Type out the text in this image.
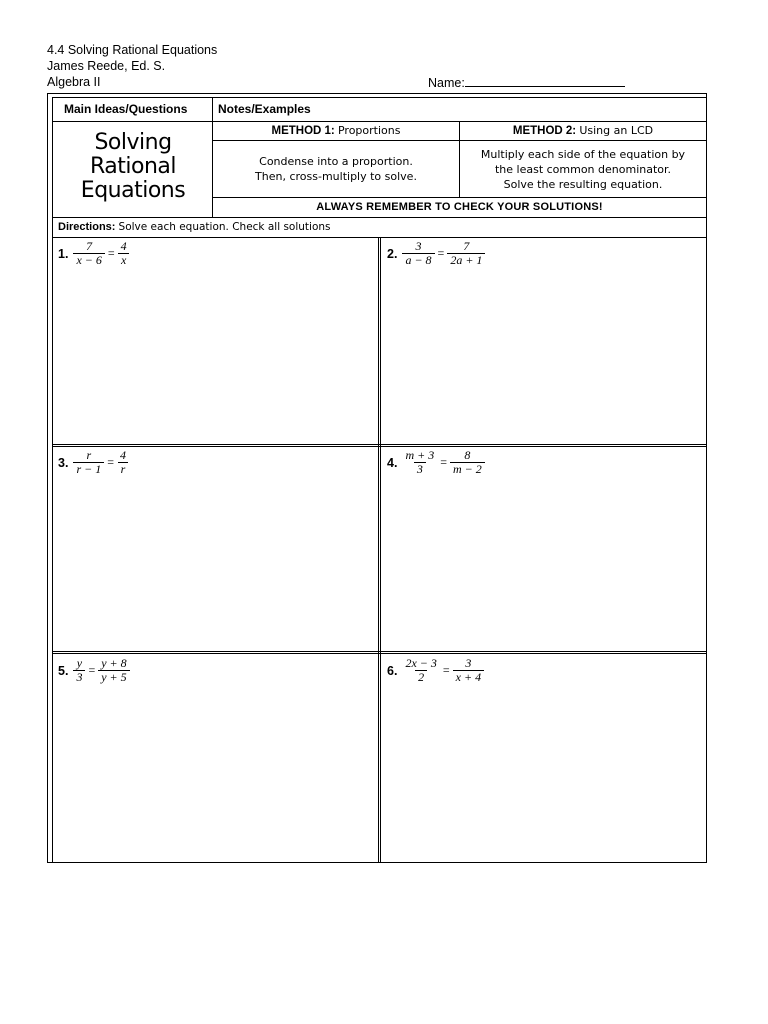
4.4 Solving Rational Equations
James Reede, Ed. S.
Algebra II	Name:
Main Ideas/Questions	Notes/Examples
Solving
Rational
Equations
METHOD 1: Proportions
Condense into a proportion.
Then, cross-multiply to solve.
METHOD 2: Using an LCD
Multiply each side of the equation by
the least common denominator.
Solve the resulting equation.
ALWAYS REMEMBER TO CHECK YOUR SOLUTIONS!
Directions: Solve each equation. Check all solutions
1. $\frac{7}{x - 6} = \frac{4}{x}$	2. $\frac{3}{a - 8} = \frac{7}{2a + 1}$
3. $\frac{r}{r - 1} = \frac{4}{r}$	4. $\frac{m + 3}{3} = \frac{8}{m - 2}$
5. $\frac{y}{3} = \frac{y + 8}{y + 5}$	6. $\frac{2x - 3}{2} = \frac{3}{x + 4}$
